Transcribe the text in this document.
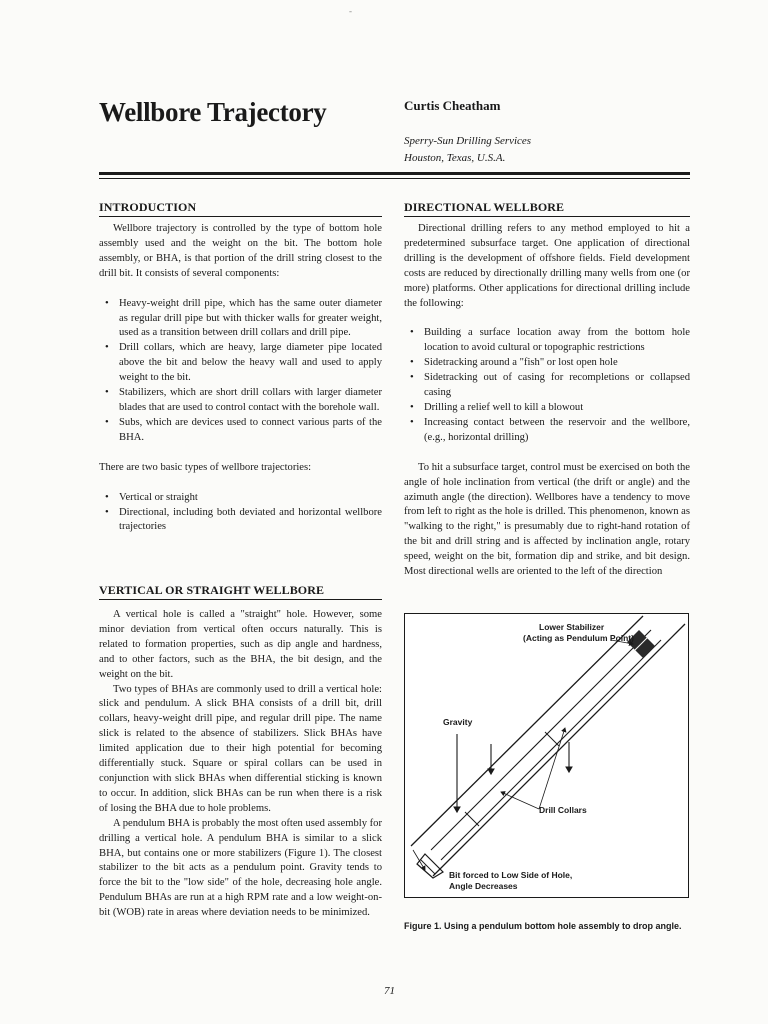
-
Wellbore Trajectory	Curtis Cheatham
Sperry-Sun Drilling Services
Houston, Texas, U.S.A.
INTRODUCTION

Wellbore trajectory is controlled by the type of bottom hole assembly used and the weight on the bit. The bottom hole assembly, or BHA, is that portion of the drill string closest to the drill bit. It consists of several components:

• Heavy-weight drill pipe, which has the same outer diameter as regular drill pipe but with thicker walls for greater weight, used as a transition between drill collars and drill pipe.
• Drill collars, which are heavy, large diameter pipe located above the bit and below the heavy wall and used to apply weight to the bit.
• Stabilizers, which are short drill collars with larger diameter blades that are used to control contact with the borehole wall.
• Subs, which are devices used to connect various parts of the BHA.

There are two basic types of wellbore trajectories:

• Vertical or straight
• Directional, including both deviated and horizontal wellbore trajectories
VERTICAL OR STRAIGHT WELLBORE

A vertical hole is called a "straight" hole. However, some minor deviation from vertical often occurs naturally. This is related to formation properties, such as dip angle and hardness, and to other factors, such as the BHA, the bit design, and the weight on the bit.

Two types of BHAs are commonly used to drill a vertical hole: slick and pendulum. A slick BHA consists of a drill bit, drill collars, heavy-weight drill pipe, and regular drill pipe. The name slick is related to the absence of stabilizers. Slick BHAs have limited application due to their high potential for becoming differentially stuck. Square or spiral collars can be used in conjunction with slick BHAs when differential sticking is known to occur. In addition, slick BHAs can be run when there is a risk of losing the BHA due to hole problems.

A pendulum BHA is probably the most often used assembly for drilling a vertical hole. A pendulum BHA is similar to a slick BHA, but contains one or more stabilizers (Figure 1). The closest stabilizer to the bit acts as a pendulum point. Gravity tends to force the bit to the "low side" of the hole, decreasing hole angle. Pendulum BHAs are run at a high RPM rate and a low weight-on-bit (WOB) rate in areas where deviation needs to be minimized.

DIRECTIONAL WELLBORE

Directional drilling refers to any method employed to hit a predetermined subsurface target. One application of directional drilling is the development of offshore fields. Field development costs are reduced by directionally drilling many wells from one (or more) platforms. Other applications for directional drilling include the following:

• Building a surface location away from the bottom hole location to avoid cultural or topographic restrictions
• Sidetracking around a "fish" or lost open hole
• Sidetracking out of casing for recompletions or collapsed casing
• Drilling a relief well to kill a blowout
• Increasing contact between the reservoir and the wellbore, (e.g., horizontal drilling)

To hit a subsurface target, control must be exercised on both the angle of hole inclination from vertical (the drift or angle) and the azimuth angle (the direction). Wellbores have a tendency to move from left to right as the hole is drilled. This phenomenon, known as "walking to the right," is presumably due to right-hand rotation of the bit and drill string and is affected by inclination angle, rotary speed, weight on the bit, formation dip and strike, and bit design. Most directional wells are oriented to the left of the direction

Lower Stabilizer
(Acting as Pendulum Point)
Gravity
Drill Collars
Bit forced to Low Side of Hole,
Angle Decreases
Figure 1. Using a pendulum bottom hole assembly to drop angle.
71
